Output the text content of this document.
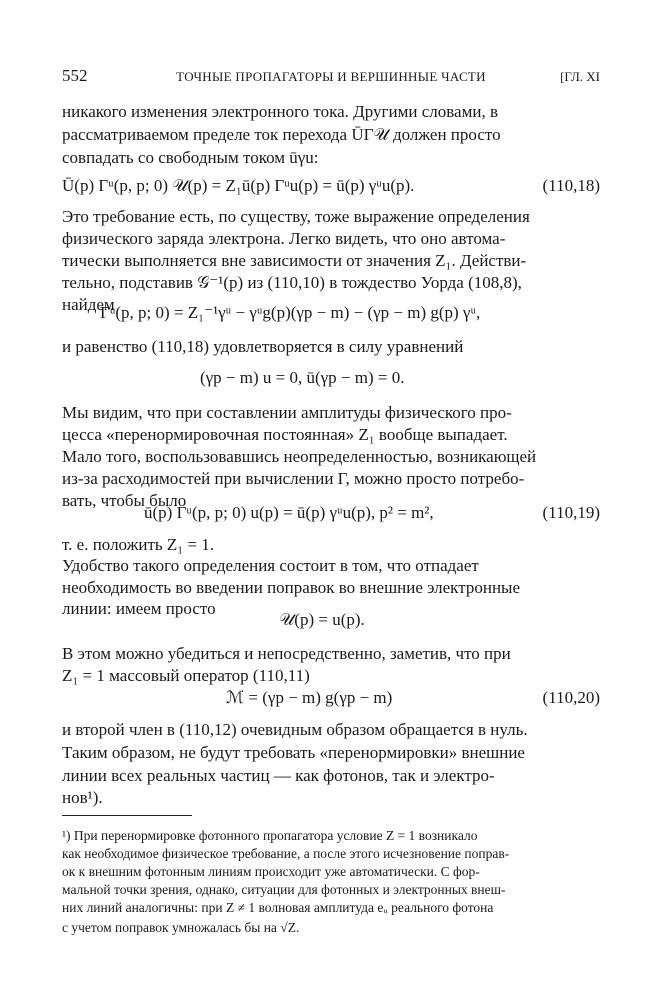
552	ТОЧНЫЕ ПРОПАГАТОРЫ И ВЕРШИННЫЕ ЧАСТИ	[ГЛ. XI
никакого изменения электронного тока. Другими словами, в
рассматриваемом пределе ток перехода ŪΓ𝒰 должен просто
совпадать со свободным током ūγu:
Ū(p) Γᵘ(p, p; 0) 𝒰(p) = Z₁ū(p) Γᵘu(p) = ū(p) γᵘu(p).	(110,18)
Это требование есть, по существу, тоже выражение определения
физического заряда электрона. Легко видеть, что оно автома-
тически выполняется вне зависимости от значения Z₁. Действи-
тельно, подставив 𝒢⁻¹(p) из (110,10) в тождество Уорда (108,8),
найдем
Γᵘ(p, p; 0) = Z₁⁻¹γᵘ − γᵘg(p)(γp − m) − (γp − m) g(p) γᵘ,
и равенство (110,18) удовлетворяется в силу уравнений
(γp − m) u = 0, ū(γp − m) = 0.
Мы видим, что при составлении амплитуды физического про-
цесса «перенормировочная постоянная» Z₁ вообще выпадает.
Мало того, воспользовавшись неопределенностью, возникающей
из-за расходимостей при вычислении Γ, можно просто потребо-
вать, чтобы было
ū(p) Γᵘ(p, p; 0) u(p) = ū(p) γᵘu(p), p² = m²,	(110,19)
т. е. положить Z₁ = 1.
Удобство такого определения состоит в том, что отпадает
необходимость во введении поправок во внешние электронные
линии: имеем просто
𝒰(p) = u(p).
В этом можно убедиться и непосредственно, заметив, что при
Z₁ = 1 массовый оператор (110,11)
ℳ = (γp − m) g(γp − m)	(110,20)
и второй член в (110,12) очевидным образом обращается в нуль.
Таким образом, не будут требовать «перенормировки» внешние
линии всех реальных частиц — как фотонов, так и электро-
нов¹).
¹) При перенормировке фотонного пропагатора условие Z = 1 возникало
как необходимое физическое требование, а после этого исчезновение поправ-
ок к внешним фотонным линиям происходит уже автоматически. С фор-
мальной точки зрения, однако, ситуации для фотонных и электронных внеш-
них линий аналогичны: при Z ≠ 1 волновая амплитуда eᵤ реального фотона
с учетом поправок умножалась бы на √Z.
